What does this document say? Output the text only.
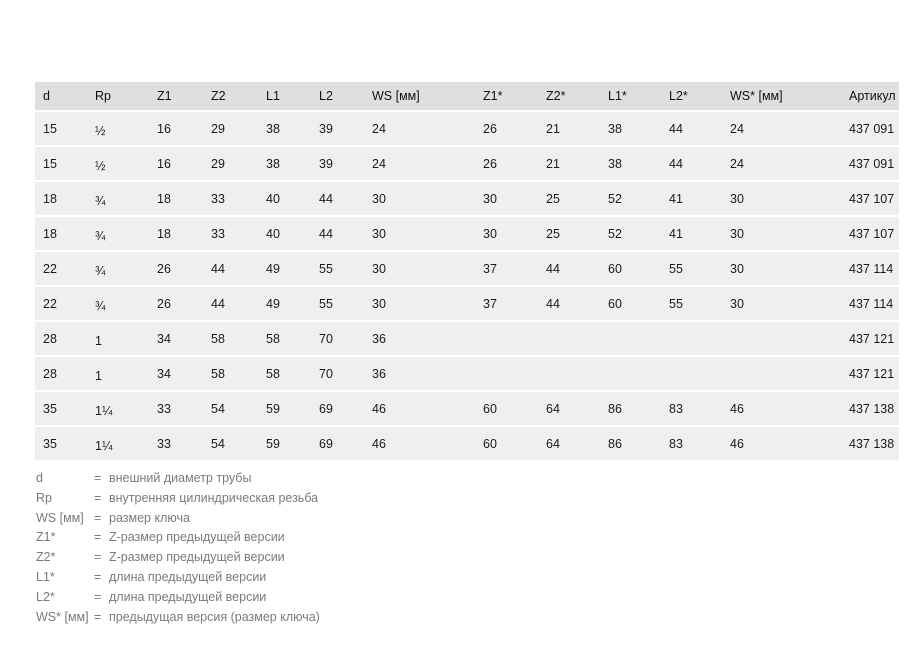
d	Rp	Z1	Z2	L1	L2	WS [мм]	Z1*	Z2*	L1*	L2*	WS* [мм]	Артикул
15	½	16	29	38	39	24	26	21	38	44	24	437 091
15	½	16	29	38	39	24	26	21	38	44	24	437 091
18	¾	18	33	40	44	30	30	25	52	41	30	437 107
18	¾	18	33	40	44	30	30	25	52	41	30	437 107
22	¾	26	44	49	55	30	37	44	60	55	30	437 114
22	¾	26	44	49	55	30	37	44	60	55	30	437 114
28	1	34	58	58	70	36						437 121
28	1	34	58	58	70	36						437 121
35	1¼	33	54	59	69	46	60	64	86	83	46	437 138
35	1¼	33	54	59	69	46	60	64	86	83	46	437 138
d	= внешний диаметр трубы
Rp	= внутренняя цилиндрическая резьба
WS [мм] = размер ключа
Z1*	= Z-размер предыдущей версии
Z2*	= Z-размер предыдущей версии
L1*	= длина предыдущей версии
L2*	= длина предыдущей версии
WS* [мм] = предыдущая версия (размер ключа)
